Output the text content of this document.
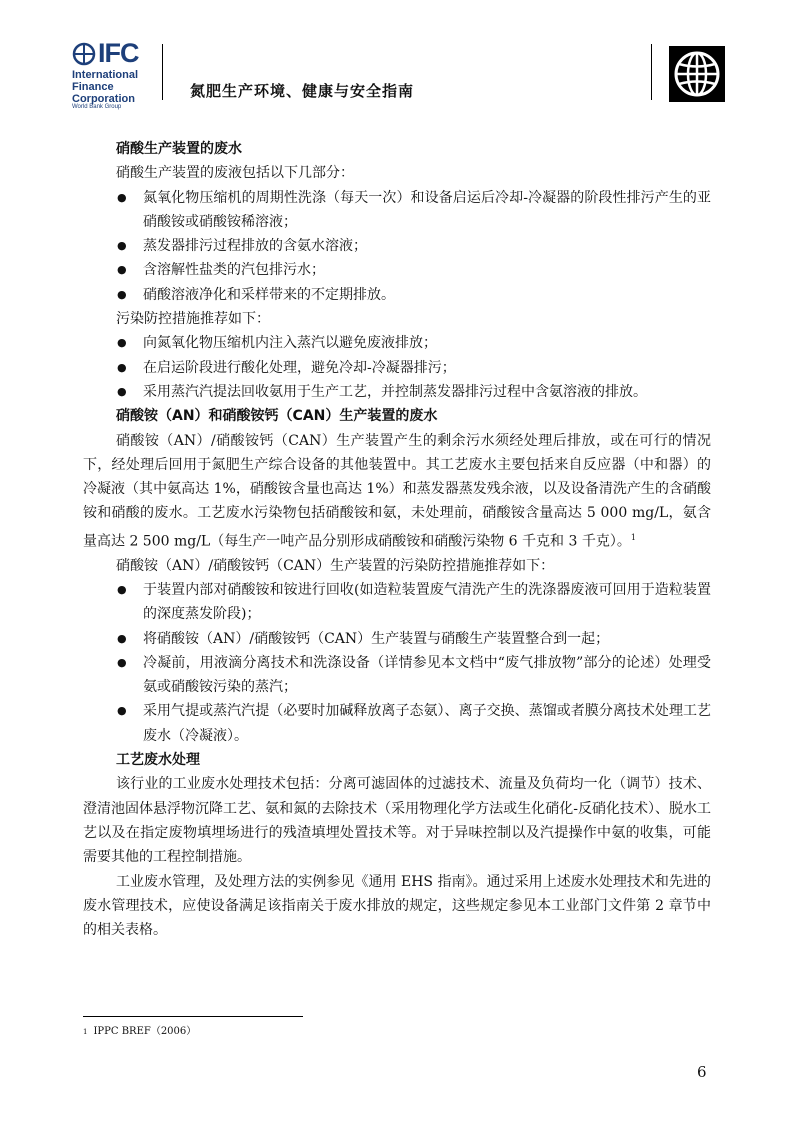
IFC
International
Finance
Corporation
World Bank Group
氮肥生产环境、健康与安全指南

硝酸生产装置的废水

硝酸生产装置的废液包括以下几部分：

● 氮氧化物压缩机的周期性洗涤（每天一次）和设备启运后冷却-冷凝器的阶段性排污产生的亚硝酸铵或硝酸铵稀溶液；

● 蒸发器排污过程排放的含氨水溶液；

● 含溶解性盐类的汽包排污水；

● 硝酸溶液净化和采样带来的不定期排放。

污染防控措施推荐如下：

● 向氮氧化物压缩机内注入蒸汽以避免废液排放；

● 在启运阶段进行酸化处理，避免冷却-冷凝器排污；

● 采用蒸汽汽提法回收氨用于生产工艺，并控制蒸发器排污过程中含氨溶液的排放。

硝酸铵（AN）和硝酸铵钙（CAN）生产装置的废水

硝酸铵（AN）/硝酸铵钙（CAN）生产装置产生的剩余污水须经处理后排放，或在可行的情况下，经处理后回用于氮肥生产综合设备的其他装置中。其工艺废水主要包括来自反应器（中和器）的冷凝液（其中氨高达 1%，硝酸铵含量也高达 1%）和蒸发器蒸发残余液，以及设备清洗产生的含硝酸铵和硝酸的废水。工艺废水污染物包括硝酸铵和氨，未处理前，硝酸铵含量高达 5 000 mg/L，氨含量高达 2 500 mg/L（每生产一吨产品分别形成硝酸铵和硝酸污染物 6 千克和 3 千克）。$^1$

硝酸铵（AN）/硝酸铵钙（CAN）生产装置的污染防控措施推荐如下：

● 于装置内部对硝酸铵和铵进行回收(如造粒装置废气清洗产生的洗涤器废液可回用于造粒装置的深度蒸发阶段)；

● 将硝酸铵（AN）/硝酸铵钙（CAN）生产装置与硝酸生产装置整合到一起；

● 冷凝前，用液滴分离技术和洗涤设备（详情参见本文档中“废气排放物”部分的论述）处理受氨或硝酸铵污染的蒸汽；

● 采用气提或蒸汽汽提（必要时加碱释放离子态氨）、离子交换、蒸馏或者膜分离技术处理工艺废水（冷凝液）。

工艺废水处理

该行业的工业废水处理技术包括：分离可滤固体的过滤技术、流量及负荷均一化（调节）技术、澄清池固体悬浮物沉降工艺、氨和氮的去除技术（采用物理化学方法或生化硝化-反硝化技术）、脱水工艺以及在指定废物填埋场进行的残渣填埋处置技术等。对于异味控制以及汽提操作中氨的收集，可能需要其他的工程控制措施。

工业废水管理，及处理方法的实例参见《通用 EHS 指南》。通过采用上述废水处理技术和先进的废水管理技术，应使设备满足该指南关于废水排放的规定，这些规定参见本工业部门文件第 2 章节中的相关表格。

$^1$ IPPC BREF（2006）
6
